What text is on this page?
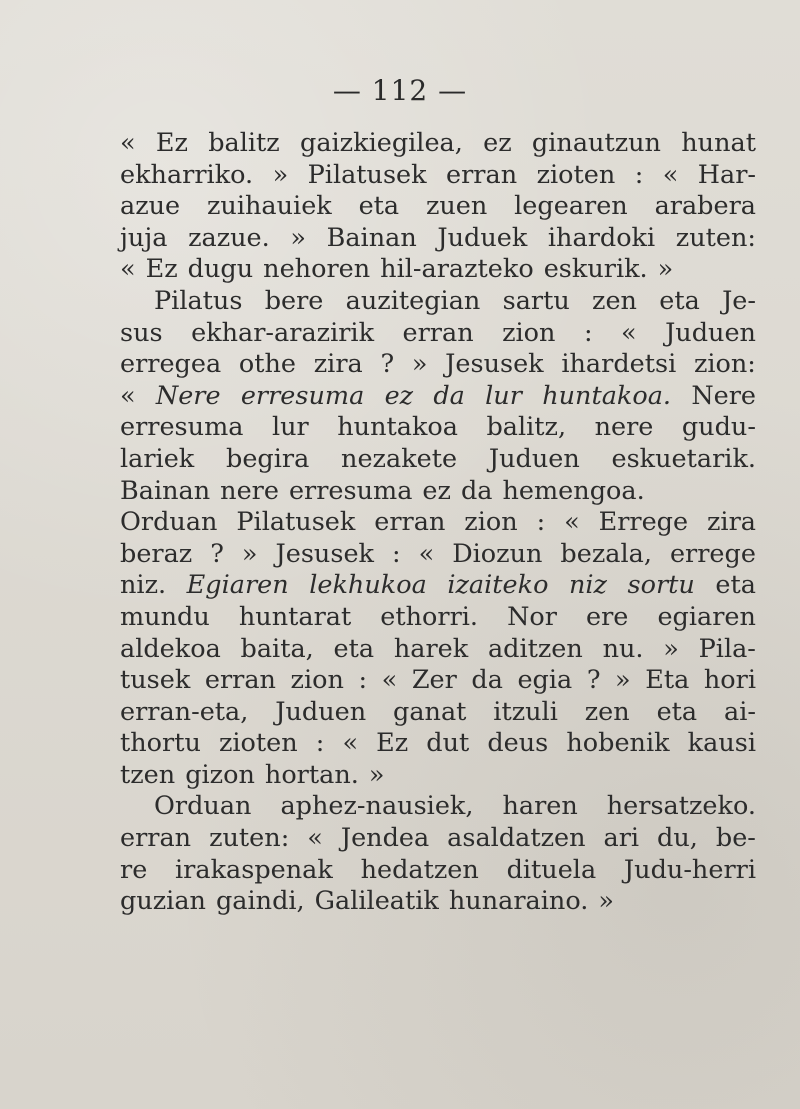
— 112 —
« Ez balitz gaizkiegilea, ez ginautzun hunat
ekharriko. » Pilatusek erran zioten : « Har-
azue zuihauiek eta zuen legearen arabera
juja zazue. » Bainan Juduek ihardoki zuten:
« Ez dugu nehoren hil-arazteko eskurik. »
Pilatus bere auzitegian sartu zen eta Je-
sus ekhar-arazirik erran zion : « Juduen
erregea othe zira ? » Jesusek ihardetsi zion:
« Nere erresuma ez da lur huntakoa. Nere
erresuma lur huntakoa balitz, nere gudu-
lariek begira nezakete Juduen eskuetarik.
Bainan nere erresuma ez da hemengoa.
Orduan Pilatusek erran zion : « Errege zira
beraz ? » Jesusek : « Diozun bezala, errege
niz. Egiaren lekhukoa izaiteko niz sortu eta
mundu huntarat ethorri. Nor ere egiaren
aldekoa baita, eta harek aditzen nu. » Pila-
tusek erran zion : « Zer da egia ? » Eta hori
erran-eta, Juduen ganat itzuli zen eta ai-
thortu zioten : « Ez dut deus hobenik kausi
tzen gizon hortan. »
Orduan aphez-nausiek, haren hersatzeko.
erran zuten: « Jendea asaldatzen ari du, be-
re irakaspenak hedatzen dituela Judu-herri
guzian gaindi, Galileatik hunaraino. »
